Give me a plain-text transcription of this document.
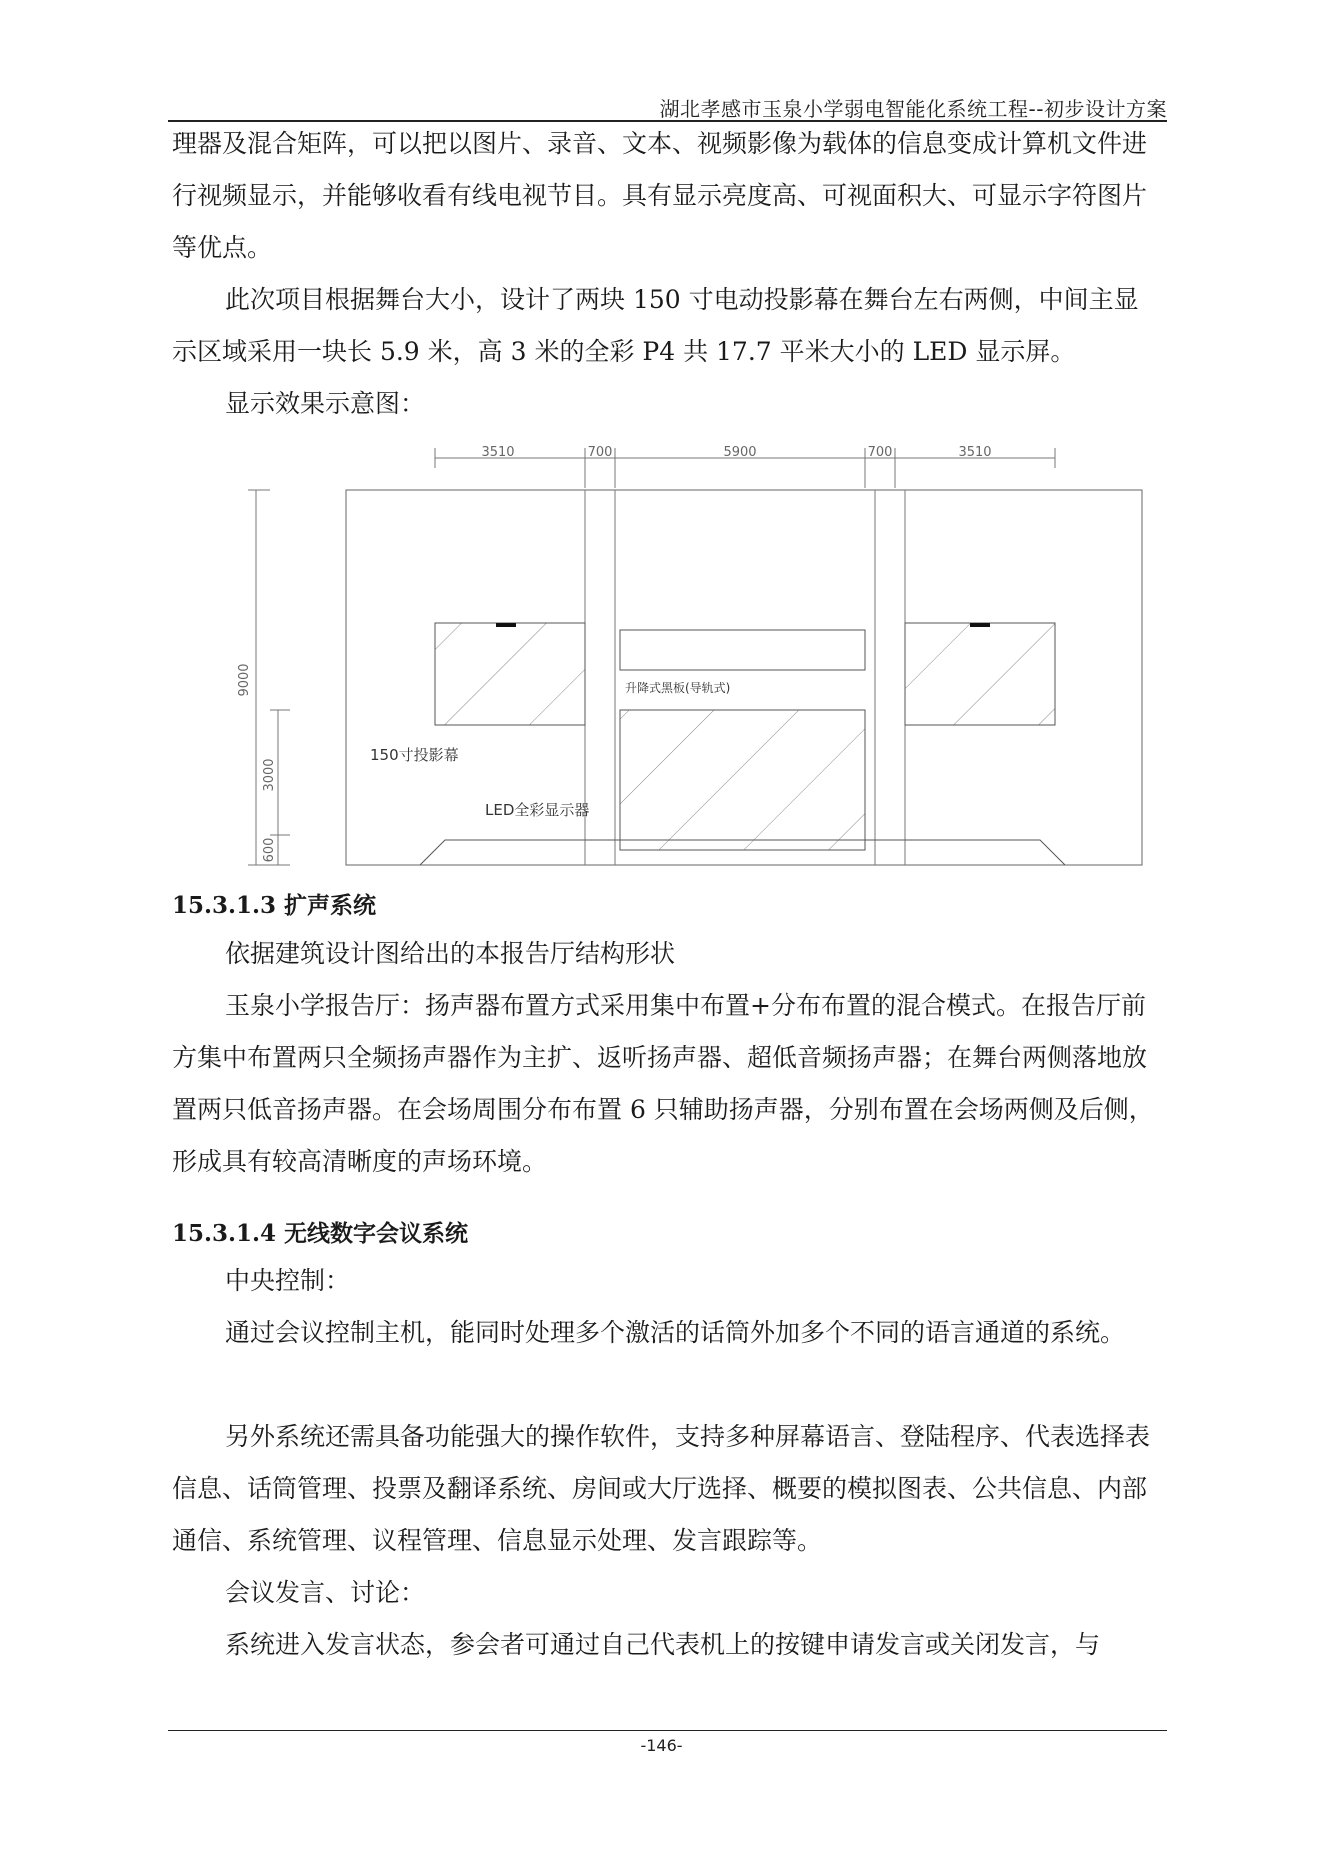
湖北孝感市玉泉小学弱电智能化系统工程--初步设计方案

理器及混合矩阵，可以把以图片、录音、文本、视频影像为载体的信息变成计算机文件进行视频显示，并能够收看有线电视节目。具有显示亮度高、可视面积大、可显示字符图片等优点。

此次项目根据舞台大小，设计了两块 150 寸电动投影幕在舞台左右两侧，中间主显示区域采用一块长 5.9 米，高 3 米的全彩 P4 共 17.7 平米大小的 LED 显示屏。

显示效果示意图：

3510	700	5900	700	3510
9000
3000
600
150寸投影幕
LED全彩显示器
升降式黑板(导轨式)
15.3.1.3 扩声系统

依据建筑设计图给出的本报告厅结构形状

玉泉小学报告厅：扬声器布置方式采用集中布置+分布布置的混合模式。在报告厅前方集中布置两只全频扬声器作为主扩、返听扬声器、超低音频扬声器；在舞台两侧落地放置两只低音扬声器。在会场周围分布布置 6 只辅助扬声器，分别布置在会场两侧及后侧，形成具有较高清晰度的声场环境。

15.3.1.4 无线数字会议系统

中央控制：

通过会议控制主机，能同时处理多个激活的话筒外加多个不同的语言通道的系统。

另外系统还需具备功能强大的操作软件，支持多种屏幕语言、登陆程序、代表选择表信息、话筒管理、投票及翻译系统、房间或大厅选择、概要的模拟图表、公共信息、内部通信、系统管理、议程管理、信息显示处理、发言跟踪等。

会议发言、讨论：

系统进入发言状态，参会者可通过自己代表机上的按键申请发言或关闭发言，与

-146-
